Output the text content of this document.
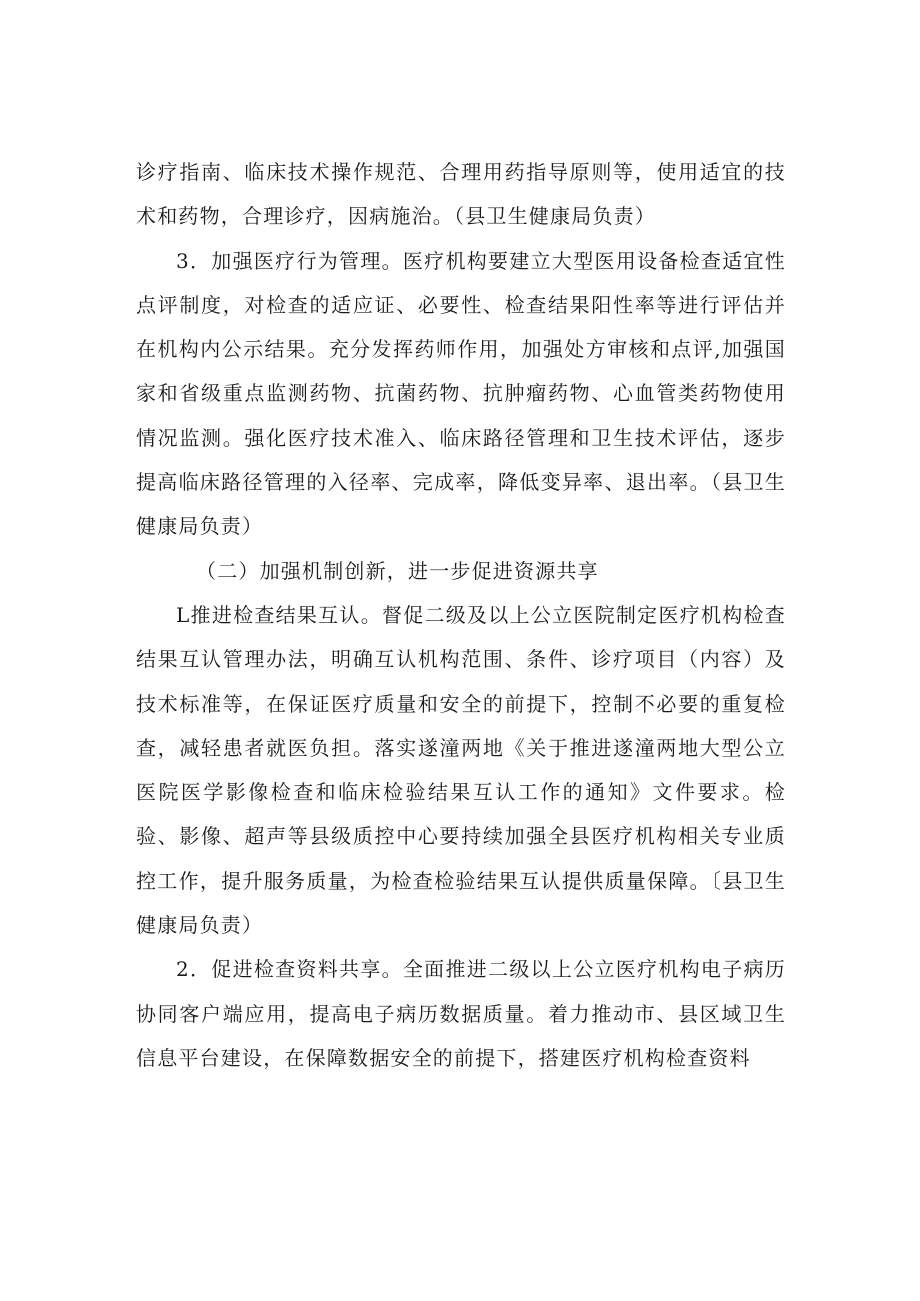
诊疗指南、临床技术操作规范、合理用药指导原则等，使用适宜的技术和药物，合理诊疗，因病施治。（县卫生健康局负责）

3．加强医疗行为管理。医疗机构要建立大型医用设备检查适宜性点评制度，对检查的适应证、必要性、检查结果阳性率等进行评估并在机构内公示结果。充分发挥药师作用，加强处方审核和点评,加强国家和省级重点监测药物、抗菌药物、抗肿瘤药物、心血管类药物使用情况监测。强化医疗技术准入、临床路径管理和卫生技术评估，逐步提高临床路径管理的入径率、完成率，降低变异率、退出率。（县卫生健康局负责）

（二）加强机制创新，进一步促进资源共享

L推进检查结果互认。督促二级及以上公立医院制定医疗机构检查结果互认管理办法，明确互认机构范围、条件、诊疗项目（内容）及技术标准等，在保证医疗质量和安全的前提下，控制不必要的重复检查，减轻患者就医负担。落实遂潼两地《关于推进遂潼两地大型公立医院医学影像检查和临床检验结果互认工作的通知》文件要求。检验、影像、超声等县级质控中心要持续加强全县医疗机构相关专业质控工作，提升服务质量，为检查检验结果互认提供质量保障。〔县卫生健康局负责）

2．促进检查资料共享。全面推进二级以上公立医疗机构电子病历协同客户端应用，提高电子病历数据质量。着力推动市、县区域卫生信息平台建设，在保障数据安全的前提下，搭建医疗机构检查资料
